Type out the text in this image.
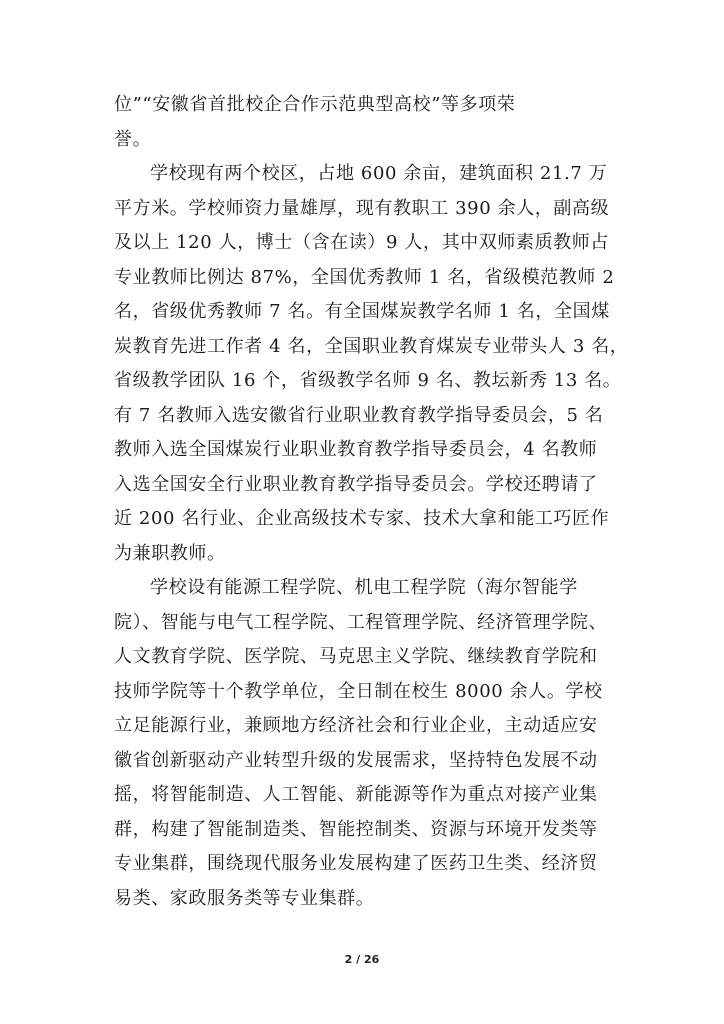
位”“安徽省首批校企合作示范典型高校”等多项荣
誉。
学校现有两个校区，占地 600 余亩，建筑面积 21.7 万
平方米。学校师资力量雄厚，现有教职工 390 余人，副高级
及以上 120 人，博士（含在读）9 人，其中双师素质教师占
专业教师比例达 87%，全国优秀教师 1 名，省级模范教师 2
名，省级优秀教师 7 名。有全国煤炭教学名师 1 名，全国煤
炭教育先进工作者 4 名，全国职业教育煤炭专业带头人 3 名，
省级教学团队 16 个，省级教学名师 9 名、教坛新秀 13 名。
有 7 名教师入选安徽省行业职业教育教学指导委员会，5 名
教师入选全国煤炭行业职业教育教学指导委员会，4 名教师
入选全国安全行业职业教育教学指导委员会。学校还聘请了
近 200 名行业、企业高级技术专家、技术大拿和能工巧匠作
为兼职教师。
学校设有能源工程学院、机电工程学院（海尔智能学
院）、智能与电气工程学院、工程管理学院、经济管理学院、
人文教育学院、医学院、马克思主义学院、继续教育学院和
技师学院等十个教学单位，全日制在校生 8000 余人。学校
立足能源行业，兼顾地方经济社会和行业企业，主动适应安
徽省创新驱动产业转型升级的发展需求，坚持特色发展不动
摇，将智能制造、人工智能、新能源等作为重点对接产业集
群，构建了智能制造类、智能控制类、资源与环境开发类等
专业集群，围绕现代服务业发展构建了医药卫生类、经济贸
易类、家政服务类等专业集群。
2 / 26
